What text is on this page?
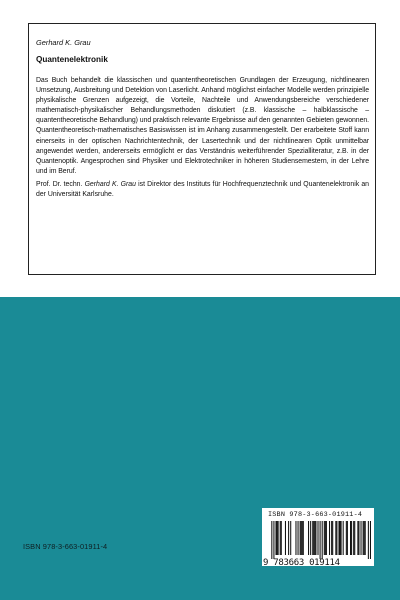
Gerhard K. Grau
Quantenelektronik

Das Buch behandelt die klassischen und quantentheoretischen Grundlagen der Erzeugung, nichtlinearen Umsetzung, Ausbreitung und Detektion von Laserlicht. Anhand möglichst einfacher Modelle werden prinzipielle physikalische Grenzen aufgezeigt, die Vorteile, Nachteile und Anwendungsbereiche verschiedener mathematisch-physikalischer Behandlungsmethoden diskutiert (z.B. klassische – halbklassische – quantentheoretische Behandlung) und praktisch relevante Ergebnisse auf den genannten Gebieten gewonnen. Quantentheoretisch-mathematisches Basiswissen ist im Anhang zusammengestellt. Der erarbeitete Stoff kann einerseits in der optischen Nachrichtentechnik, der Lasertechnik und der nichtlinearen Optik unmittelbar angewendet werden, andererseits ermöglicht er das Verständnis weiterführender Spezialliteratur, z.B. in der Quantenoptik. Angesprochen sind Physiker und Elektrotechniker in höheren Studiensemestern, in der Lehre und im Beruf.

Prof. Dr. techn. Gerhard K. Grau ist Direktor des Instituts für Hochfrequenztechnik und Quantenelektronik an der Universität Karlsruhe.

ISBN 978-3-663-01911-4
ISBN 978-3-663-01911-4
9 783663 019114
